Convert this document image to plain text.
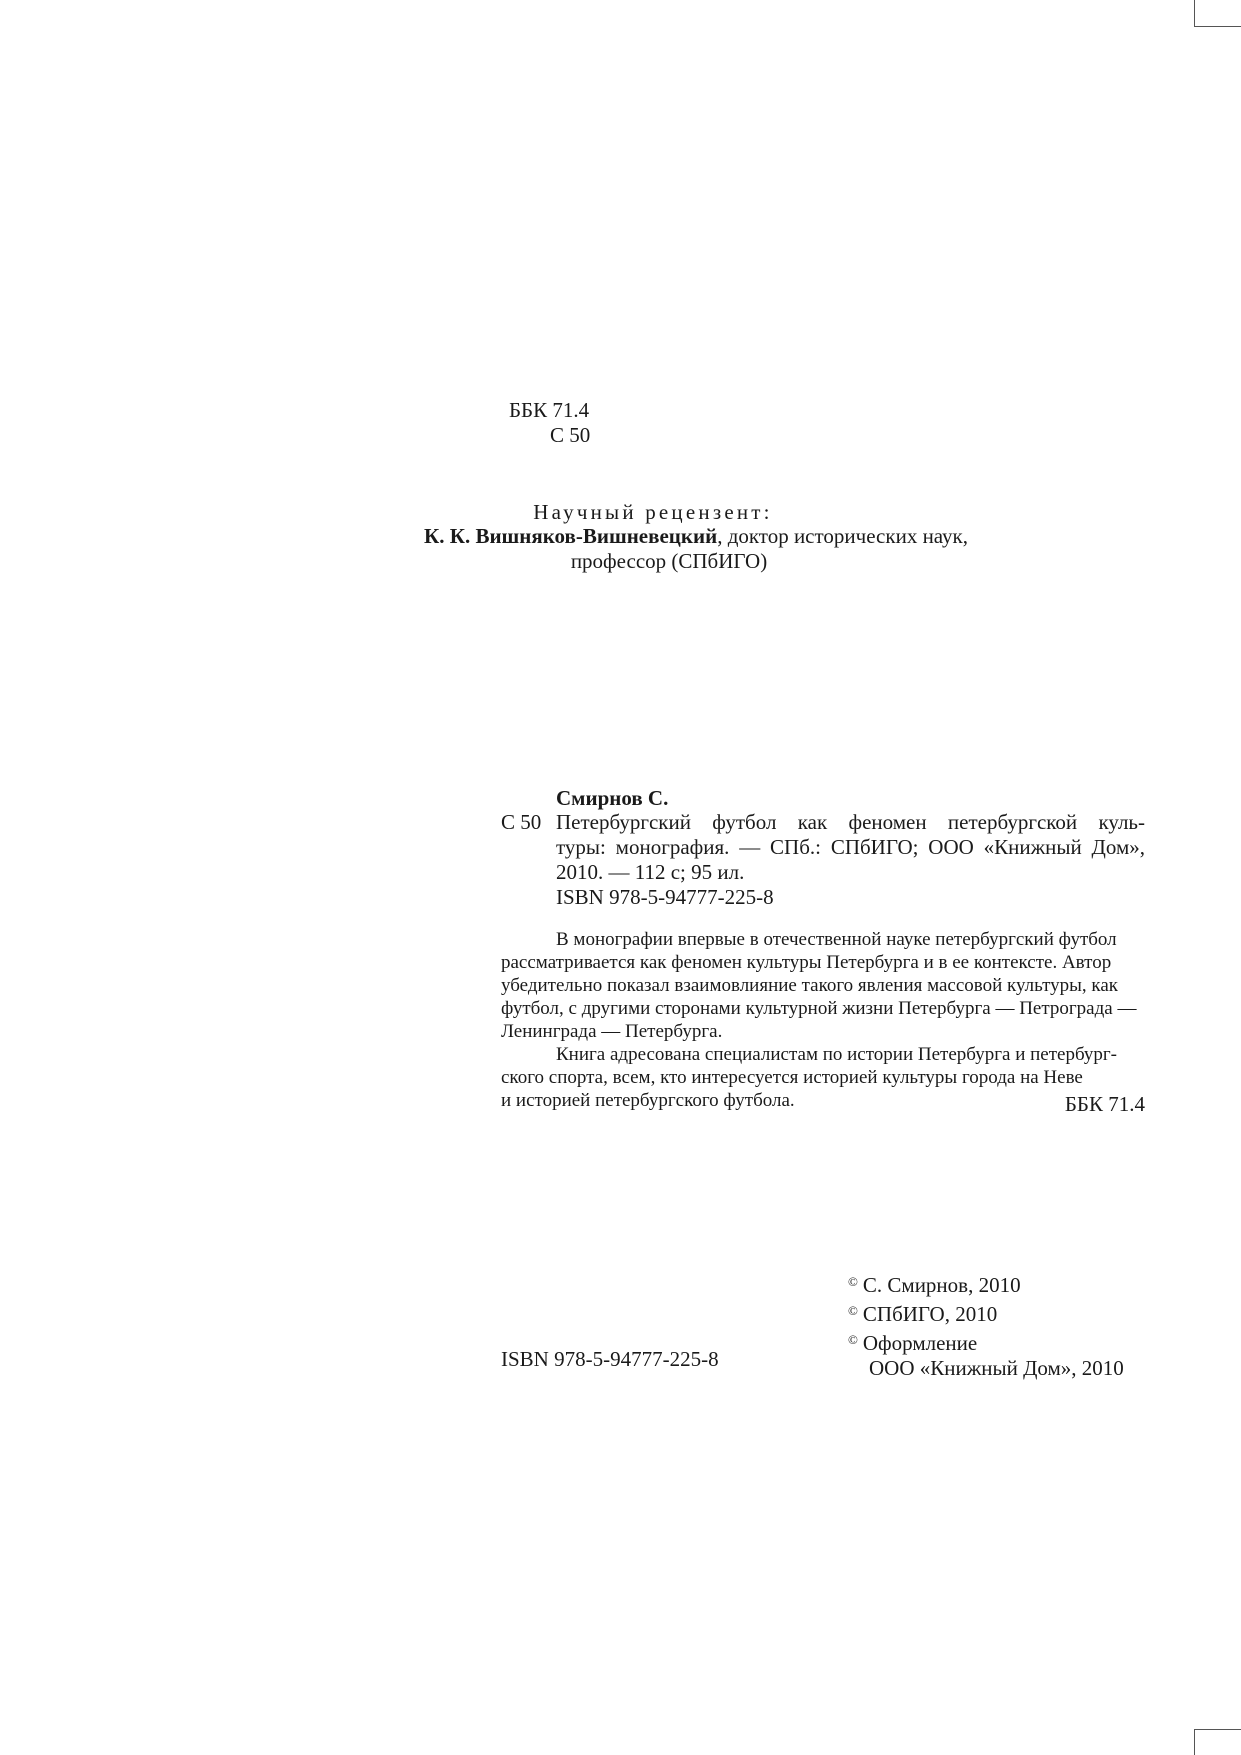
ББК 71.4
С 50
Научный рецензент:
К. К. Вишняков-Вишневецкий, доктор исторических наук,
профессор (СПбИГО)
Смирнов С.
С 50 Петербургский футбол как феномен петербургской куль-
туры: монография. — СПб.: СПбИГО; ООО «Книжный Дом»,
2010. — 112 с; 95 ил.
ISBN 978-5-94777-225-8

В монографии впервые в отечественной науке петербургский футбол

рассматривается как феномен культуры Петербурга и в ее контексте. Автор

убедительно показал взаимовлияние такого явления массовой культуры, как

футбол, с другими сторонами культурной жизни Петербурга — Петрограда —

Ленинграда — Петербурга.

Книга адресована специалистам по истории Петербурга и петербург-

ского спорта, всем, кто интересуется историей культуры города на Неве

и историей петербургского футбола.	ББК 71.4
ISBN 978-5-94777-225-8
© С. Смирнов, 2010
© СПбИГО, 2010
© Оформление
ООО «Книжный Дом», 2010
